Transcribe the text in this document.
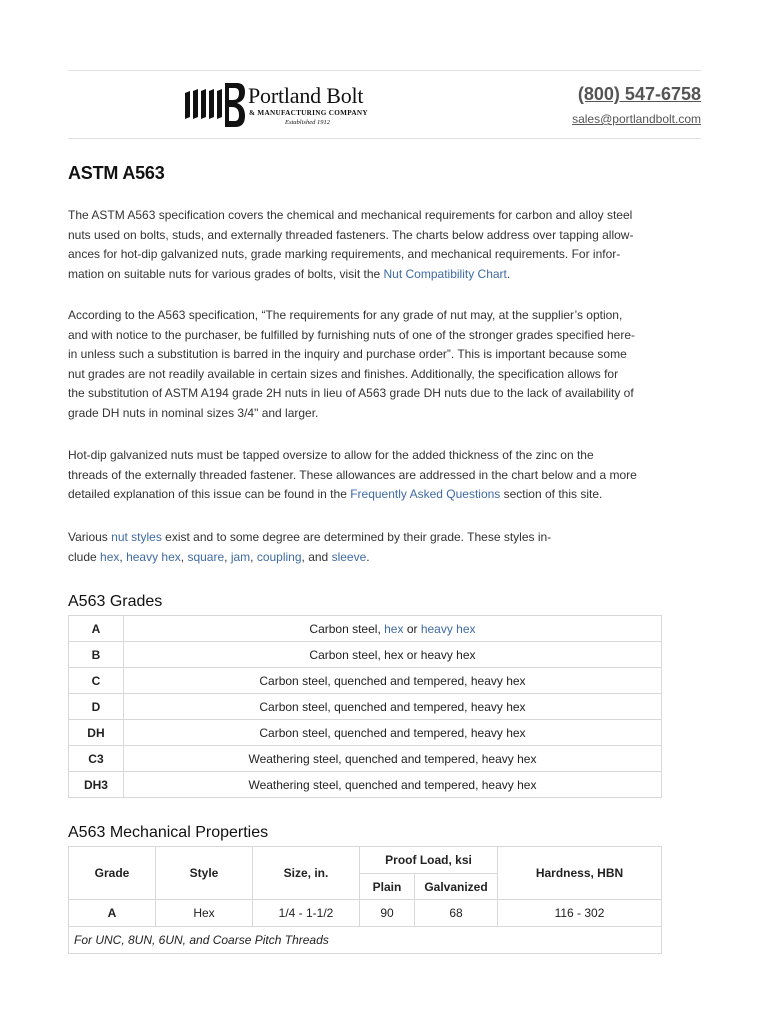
Portland Bolt
& MANUFACTURING COMPANY
Established 1912
(800) 547-6758
sales@portlandbolt.com
ASTM A563

The ASTM A563 specification covers the chemical and mechanical requirements for carbon and alloy steel
nuts used on bolts, studs, and externally threaded fasteners. The charts below address over tapping allow-
ances for hot-dip galvanized nuts, grade marking requirements, and mechanical requirements. For infor-
mation on suitable nuts for various grades of bolts, visit the Nut Compatibility Chart.

According to the A563 specification, “The requirements for any grade of nut may, at the supplier’s option,
and with notice to the purchaser, be fulfilled by furnishing nuts of one of the stronger grades specified here-
in unless such a substitution is barred in the inquiry and purchase order”. This is important because some
nut grades are not readily available in certain sizes and finishes. Additionally, the specification allows for
the substitution of ASTM A194 grade 2H nuts in lieu of A563 grade DH nuts due to the lack of availability of
grade DH nuts in nominal sizes 3/4" and larger.

Hot-dip galvanized nuts must be tapped oversize to allow for the added thickness of the zinc on the
threads of the externally threaded fastener. These allowances are addressed in the chart below and a more
detailed explanation of this issue can be found in the Frequently Asked Questions section of this site.

Various nut styles exist and to some degree are determined by their grade. These styles in-
clude hex, heavy hex, square, jam, coupling, and sleeve.

A563 Grades
A	Carbon steel, hex or heavy hex
B	Carbon steel, hex or heavy hex
C	Carbon steel, quenched and tempered, heavy hex
D	Carbon steel, quenched and tempered, heavy hex
DH	Carbon steel, quenched and tempered, heavy hex
C3	Weathering steel, quenched and tempered, heavy hex
DH3	Weathering steel, quenched and tempered, heavy hex
A563 Mechanical Properties
Grade	Style	Size, in.	Proof Load, ksi		Hardness, HBN
			Plain	Galvanized	
A	Hex	1/4 - 1-1/2	90	68	116 - 302
For UNC, 8UN, 6UN, and Coarse Pitch Threads					
